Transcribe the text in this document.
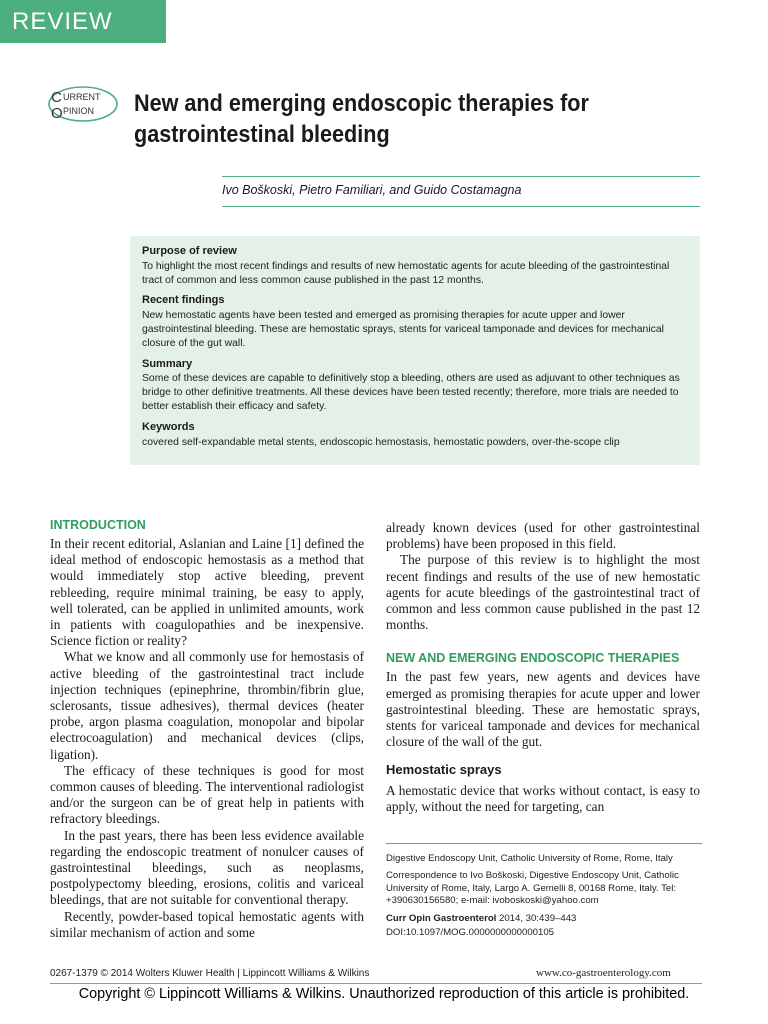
REVIEW
C URRENT
O PINION New and emerging endoscopic therapies for gastrointestinal bleeding
Ivo Boškoski, Pietro Familiari, and Guido Costamagna
Purpose of review

To highlight the most recent findings and results of new hemostatic agents for acute bleeding of the gastrointestinal tract of common and less common cause published in the past 12 months.

Recent findings

New hemostatic agents have been tested and emerged as promising therapies for acute upper and lower gastrointestinal bleeding. These are hemostatic sprays, stents for variceal tamponade and devices for mechanical closure of the gut wall.

Summary

Some of these devices are capable to definitively stop a bleeding, others are used as adjuvant to other techniques as bridge to other definitive treatments. All these devices have been tested recently; therefore, more trials are needed to better establish their efficacy and safety.

Keywords

covered self-expandable metal stents, endoscopic hemostasis, hemostatic powders, over-the-scope clip

INTRODUCTION

In their recent editorial, Aslanian and Laine [1] defined the ideal method of endoscopic hemostasis as a method that would immediately stop active bleeding, prevent rebleeding, require minimal training, be easy to apply, well tolerated, can be applied in unlimited amounts, work in patients with coagulopathies and be inexpensive. Science fiction or reality?

What we know and all commonly use for hemostasis of active bleeding of the gastrointestinal tract include injection techniques (epinephrine, thrombin/fibrin glue, sclerosants, tissue adhesives), thermal devices (heater probe, argon plasma coagulation, monopolar and bipolar electrocoagulation) and mechanical devices (clips, ligation).

The efficacy of these techniques is good for most common causes of bleeding. The interventional radiologist and/or the surgeon can be of great help in patients with refractory bleedings.

In the past years, there has been less evidence available regarding the endoscopic treatment of nonulcer causes of gastrointestinal bleedings, such as neoplasms, postpolypectomy bleeding, erosions, colitis and variceal bleedings, that are not suitable for conventional therapy.

Recently, powder-based topical hemostatic agents with similar mechanism of action and some

already known devices (used for other gastrointestinal problems) have been proposed in this field.

The purpose of this review is to highlight the most recent findings and results of the use of new hemostatic agents for acute bleedings of the gastrointestinal tract of common and less common cause published in the past 12 months.

NEW AND EMERGING ENDOSCOPIC THERAPIES

In the past few years, new agents and devices have emerged as promising therapies for acute upper and lower gastrointestinal bleeding. These are hemostatic sprays, stents for variceal tamponade and devices for mechanical closure of the wall of the gut.

Hemostatic sprays

A hemostatic device that works without contact, is easy to apply, without the need for targeting, can

Digestive Endoscopy Unit, Catholic University of Rome, Rome, Italy

Correspondence to Ivo Boškoski, Digestive Endoscopy Unit, Catholic University of Rome, Italy, Largo A. Gemelli 8, 00168 Rome, Italy. Tel: +390630156580; e-mail: ivoboskoski@yahoo.com

Curr Opin Gastroenterol 2014, 30:439–443

DOI:10.1097/MOG.0000000000000105

0267-1379 © 2014 Wolters Kluwer Health | Lippincott Williams & Wilkins	www.co-gastroenterology.com
Copyright © Lippincott Williams & Wilkins. Unauthorized reproduction of this article is prohibited.
